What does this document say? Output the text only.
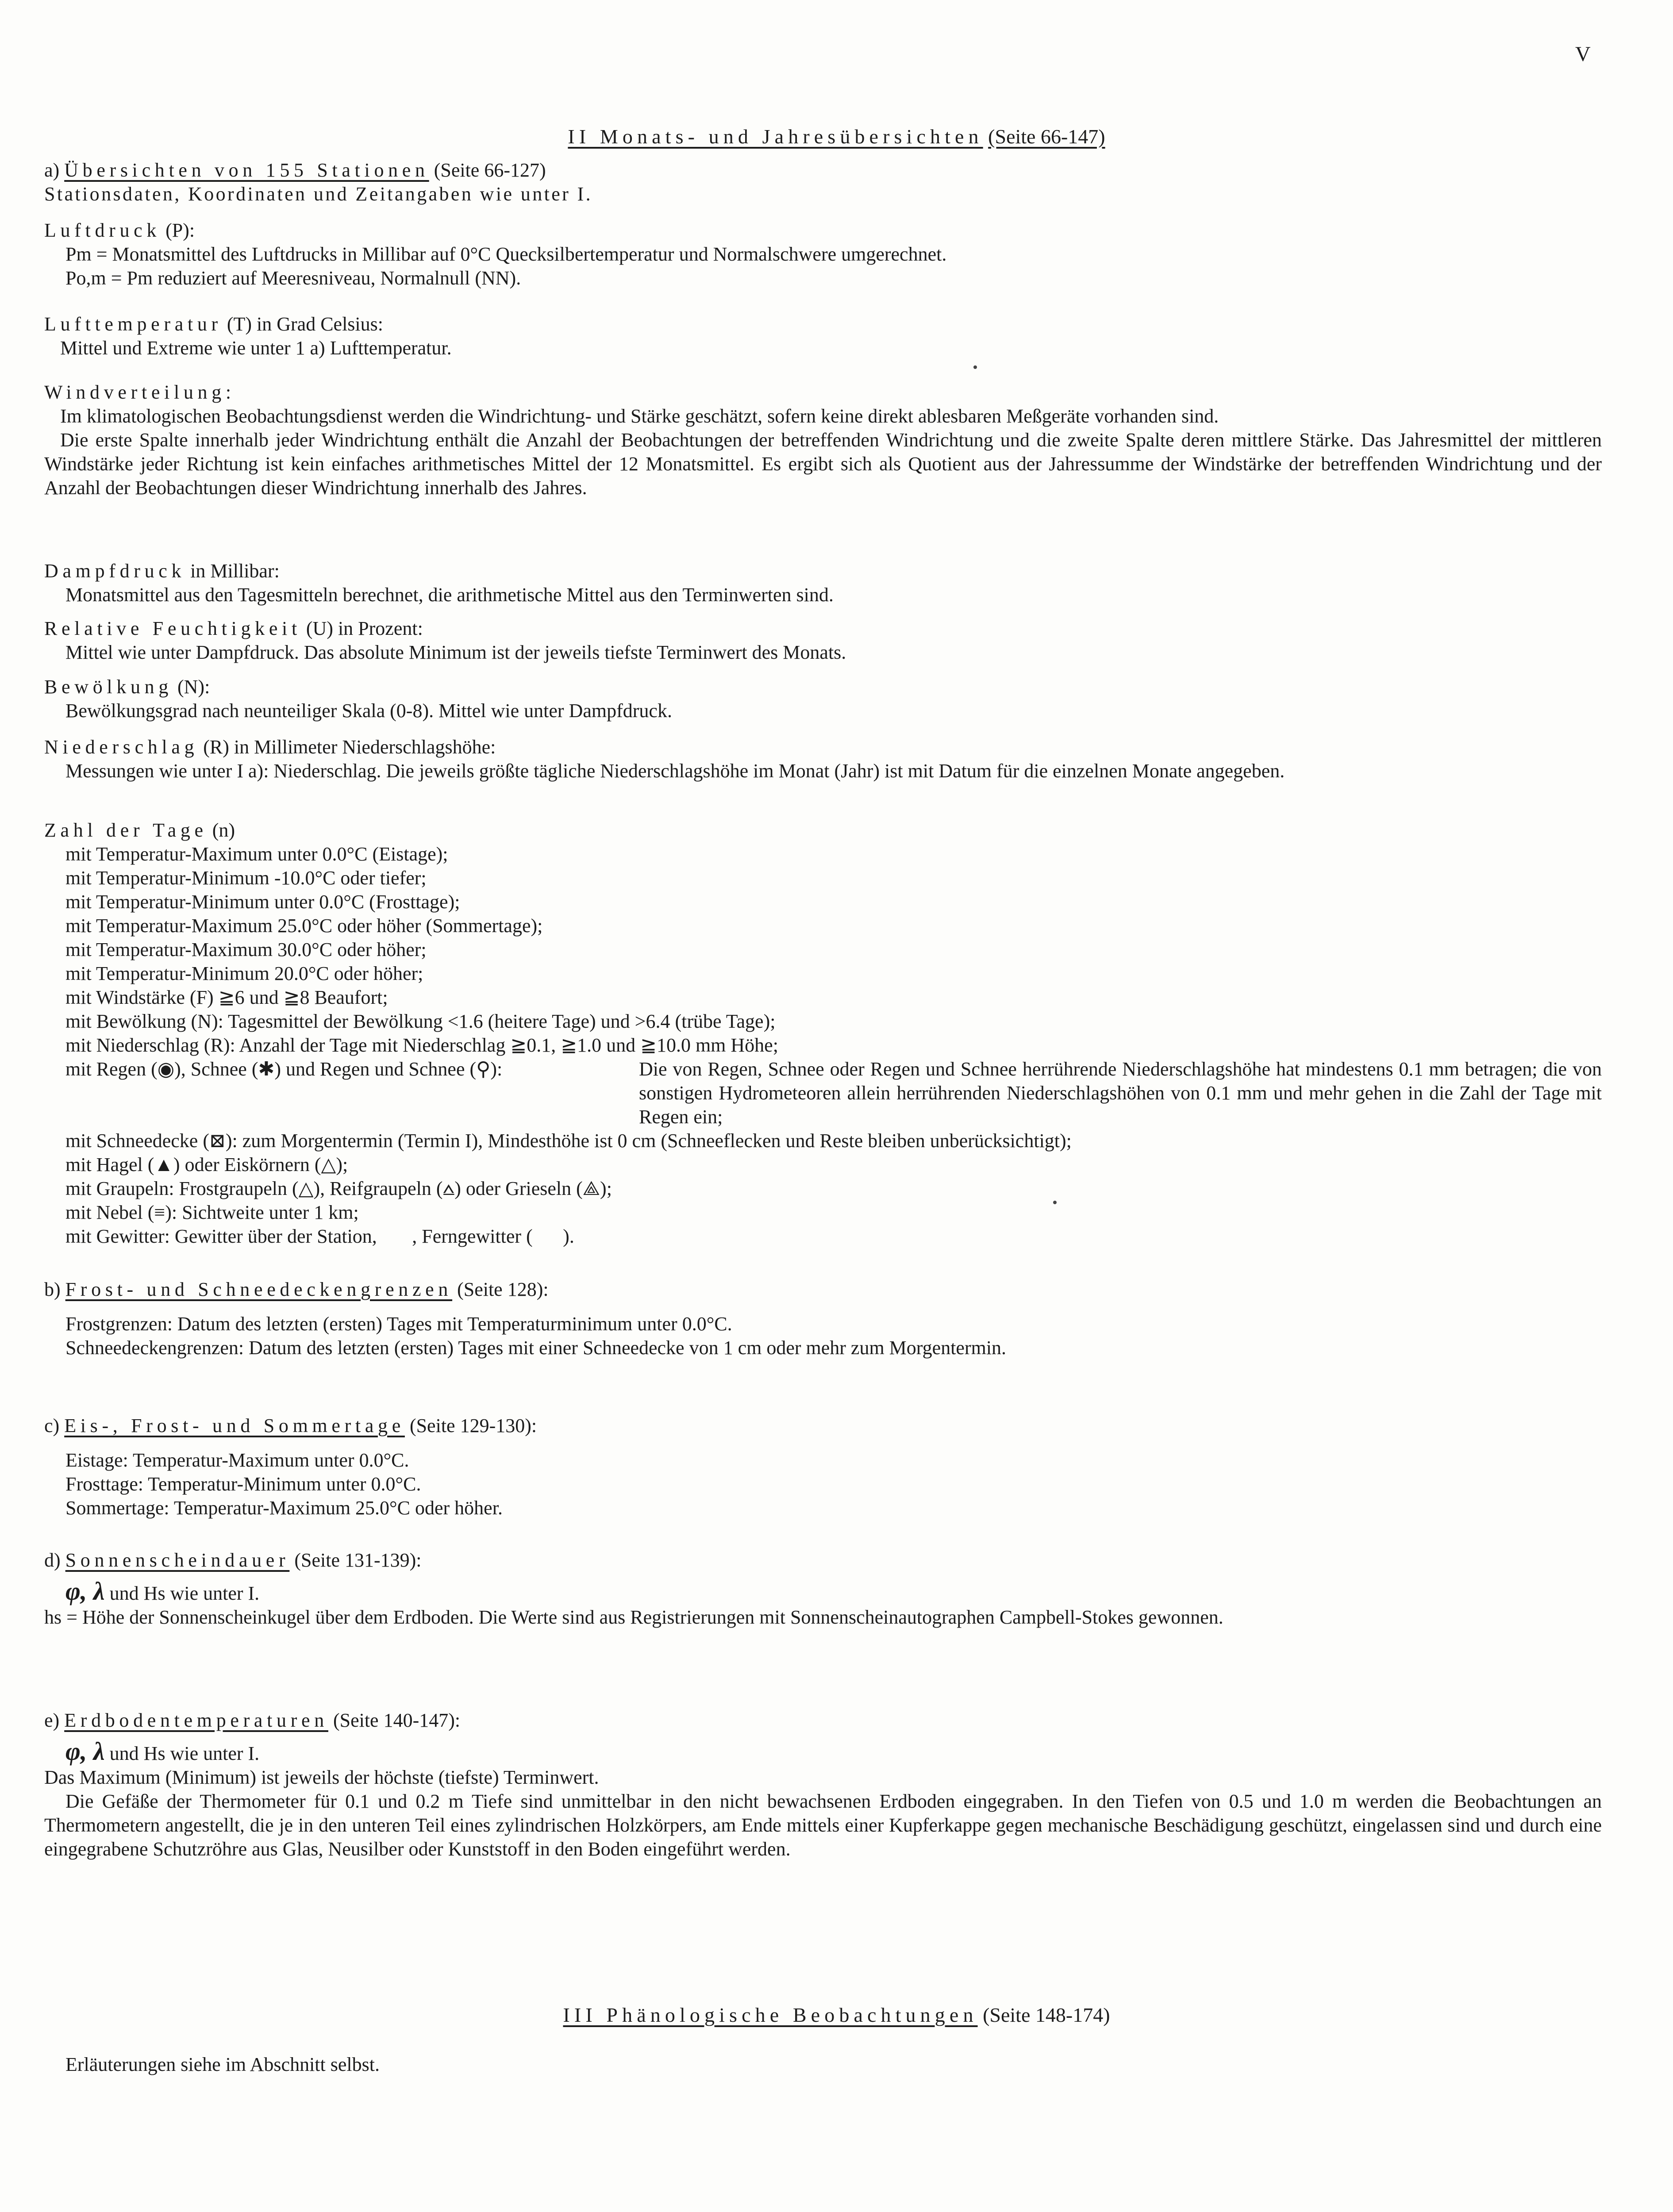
V
II Monats- und Jahresübersichten (Seite 66-147)
a) Übersichten von 155 Stationen (Seite 66-127)
Stationsdaten, Koordinaten und Zeitangaben wie unter I.
Luftdruck (P):
Pm = Monatsmittel des Luftdrucks in Millibar auf 0°C Quecksilbertemperatur und Normalschwere umgerechnet.
Po,m = Pm reduziert auf Meeresniveau, Normalnull (NN).
Lufttemperatur (T) in Grad Celsius:
Mittel und Extreme wie unter 1 a) Lufttemperatur.
Windverteilung:
Im klimatologischen Beobachtungsdienst werden die Windrichtung- und Stärke geschätzt, sofern keine direkt ablesbaren Meßgeräte vorhanden sind.
Die erste Spalte innerhalb jeder Windrichtung enthält die Anzahl der Beobachtungen der betreffenden Windrichtung und die zweite Spalte deren mittlere Stärke. Das Jahresmittel der mittleren Windstärke jeder Richtung ist kein einfaches arithmetisches Mittel der 12 Monatsmittel. Es ergibt sich als Quotient aus der Jahressumme der Windstärke der betreffenden Windrichtung und der Anzahl der Beobachtungen dieser Windrichtung innerhalb des Jahres.
Dampfdruck in Millibar:
Monatsmittel aus den Tagesmitteln berechnet, die arithmetische Mittel aus den Terminwerten sind.
Relative Feuchtigkeit (U) in Prozent:
Mittel wie unter Dampfdruck. Das absolute Minimum ist der jeweils tiefste Terminwert des Monats.
Bewölkung (N):
Bewölkungsgrad nach neunteiliger Skala (0-8). Mittel wie unter Dampfdruck.
Niederschlag (R) in Millimeter Niederschlagshöhe:
Messungen wie unter I a): Niederschlag. Die jeweils größte tägliche Niederschlagshöhe im Monat (Jahr) ist mit Datum für die einzelnen Monate angegeben.
Zahl der Tage (n)
mit Temperatur-Maximum unter 0.0°C (Eistage);
mit Temperatur-Minimum -10.0°C oder tiefer;
mit Temperatur-Minimum unter 0.0°C (Frosttage);
mit Temperatur-Maximum 25.0°C oder höher (Sommertage);
mit Temperatur-Maximum 30.0°C oder höher;
mit Temperatur-Minimum 20.0°C oder höher;
mit Windstärke (F) ≧6 und ≧8 Beaufort;
mit Bewölkung (N): Tagesmittel der Bewölkung <1.6 (heitere Tage) und >6.4 (trübe Tage);
mit Niederschlag (R): Anzahl der Tage mit Niederschlag ≧0.1, ≧1.0 und ≧10.0 mm Höhe;
mit Regen (◉), Schnee (✱) und Regen und Schnee (⚲):	Die von Regen, Schnee oder Regen und Schnee herrührende Niederschlagshöhe hat mindestens 0.1 mm betragen; die von sonstigen Hydrometeoren allein herrührenden Niederschlagshöhen von 0.1 mm und mehr gehen in die Zahl der Tage mit Regen ein;
mit Schneedecke (⊠): zum Morgentermin (Termin I), Mindesthöhe ist 0 cm (Schneeflecken und Reste bleiben unberücksichtigt);
mit Hagel (▲) oder Eiskörnern (△);
mit Graupeln: Frostgraupeln (△), Reifgraupeln (⩟) oder Grieseln (⟁);
mit Nebel (≡): Sichtweite unter 1 km;
mit Gewitter: Gewitter über der Station, ⌈⃥, Ferngewitter (⌈⃥).
b) Frost- und Schneedeckengrenzen (Seite 128):
Frostgrenzen: Datum des letzten (ersten) Tages mit Temperaturminimum unter 0.0°C.
Schneedeckengrenzen: Datum des letzten (ersten) Tages mit einer Schneedecke von 1 cm oder mehr zum Morgentermin.
c) Eis-, Frost- und Sommertage (Seite 129-130):
Eistage: Temperatur-Maximum unter 0.0°C.
Frosttage: Temperatur-Minimum unter 0.0°C.
Sommertage: Temperatur-Maximum 25.0°C oder höher.
d) Sonnenscheindauer (Seite 131-139):
φ, λ und Hs wie unter I.
hs = Höhe der Sonnenscheinkugel über dem Erdboden. Die Werte sind aus Registrierungen mit Sonnenscheinautographen Campbell-Stokes gewonnen.
e) Erdbodentemperaturen (Seite 140-147):
φ, λ und Hs wie unter I.
Das Maximum (Minimum) ist jeweils der höchste (tiefste) Terminwert.
Die Gefäße der Thermometer für 0.1 und 0.2 m Tiefe sind unmittelbar in den nicht bewachsenen Erdboden eingegraben. In den Tiefen von 0.5 und 1.0 m werden die Beobachtungen an Thermometern angestellt, die je in den unteren Teil eines zylindrischen Holzkörpers, am Ende mittels einer Kupferkappe gegen mechanische Beschädigung geschützt, eingelassen sind und durch eine eingegrabene Schutzröhre aus Glas, Neusilber oder Kunststoff in den Boden eingeführt werden.
III Phänologische Beobachtungen (Seite 148-174)
Erläuterungen siehe im Abschnitt selbst.
